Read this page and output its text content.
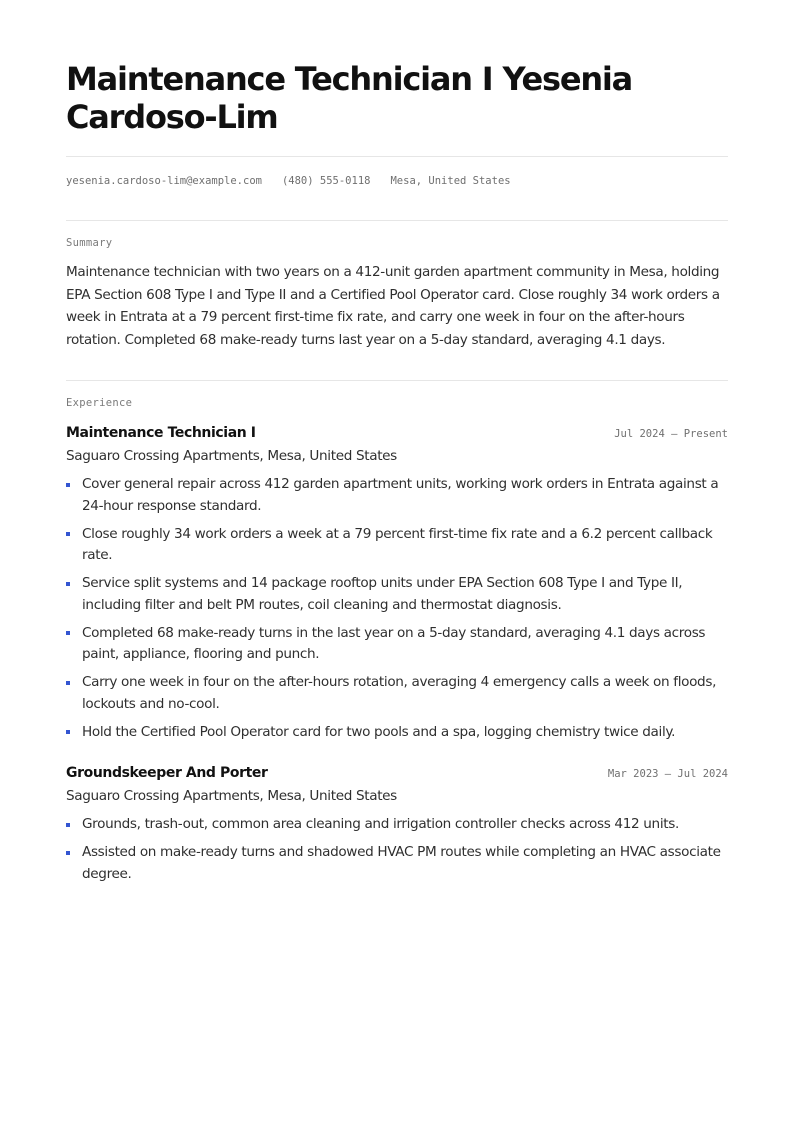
Maintenance Technician I Yesenia Cardoso-Lim
yesenia.cardoso-lim@example.com (480) 555-0118 Mesa, United States
Summary
Maintenance technician with two years on a 412-unit garden apartment community in Mesa, holding EPA Section 608 Type I and Type II and a Certified Pool Operator card. Close roughly 34 work orders a week in Entrata at a 79 percent first-time fix rate, and carry one week in four on the after-hours rotation. Completed 68 make-ready turns last year on a 5-day standard, averaging 4.1 days.
Experience
Maintenance Technician I	Jul 2024 – Present
Saguaro Crossing Apartments, Mesa, United States
Cover general repair across 412 garden apartment units, working work orders in Entrata against a 24-hour response standard.
Close roughly 34 work orders a week at a 79 percent first-time fix rate and a 6.2 percent callback rate.
Service split systems and 14 package rooftop units under EPA Section 608 Type I and Type II, including filter and belt PM routes, coil cleaning and thermostat diagnosis.
Completed 68 make-ready turns in the last year on a 5-day standard, averaging 4.1 days across paint, appliance, flooring and punch.
Carry one week in four on the after-hours rotation, averaging 4 emergency calls a week on floods, lockouts and no-cool.
Hold the Certified Pool Operator card for two pools and a spa, logging chemistry twice daily.
Groundskeeper And Porter	Mar 2023 – Jul 2024
Saguaro Crossing Apartments, Mesa, United States
Grounds, trash-out, common area cleaning and irrigation controller checks across 412 units.
Assisted on make-ready turns and shadowed HVAC PM routes while completing an HVAC associate degree.
